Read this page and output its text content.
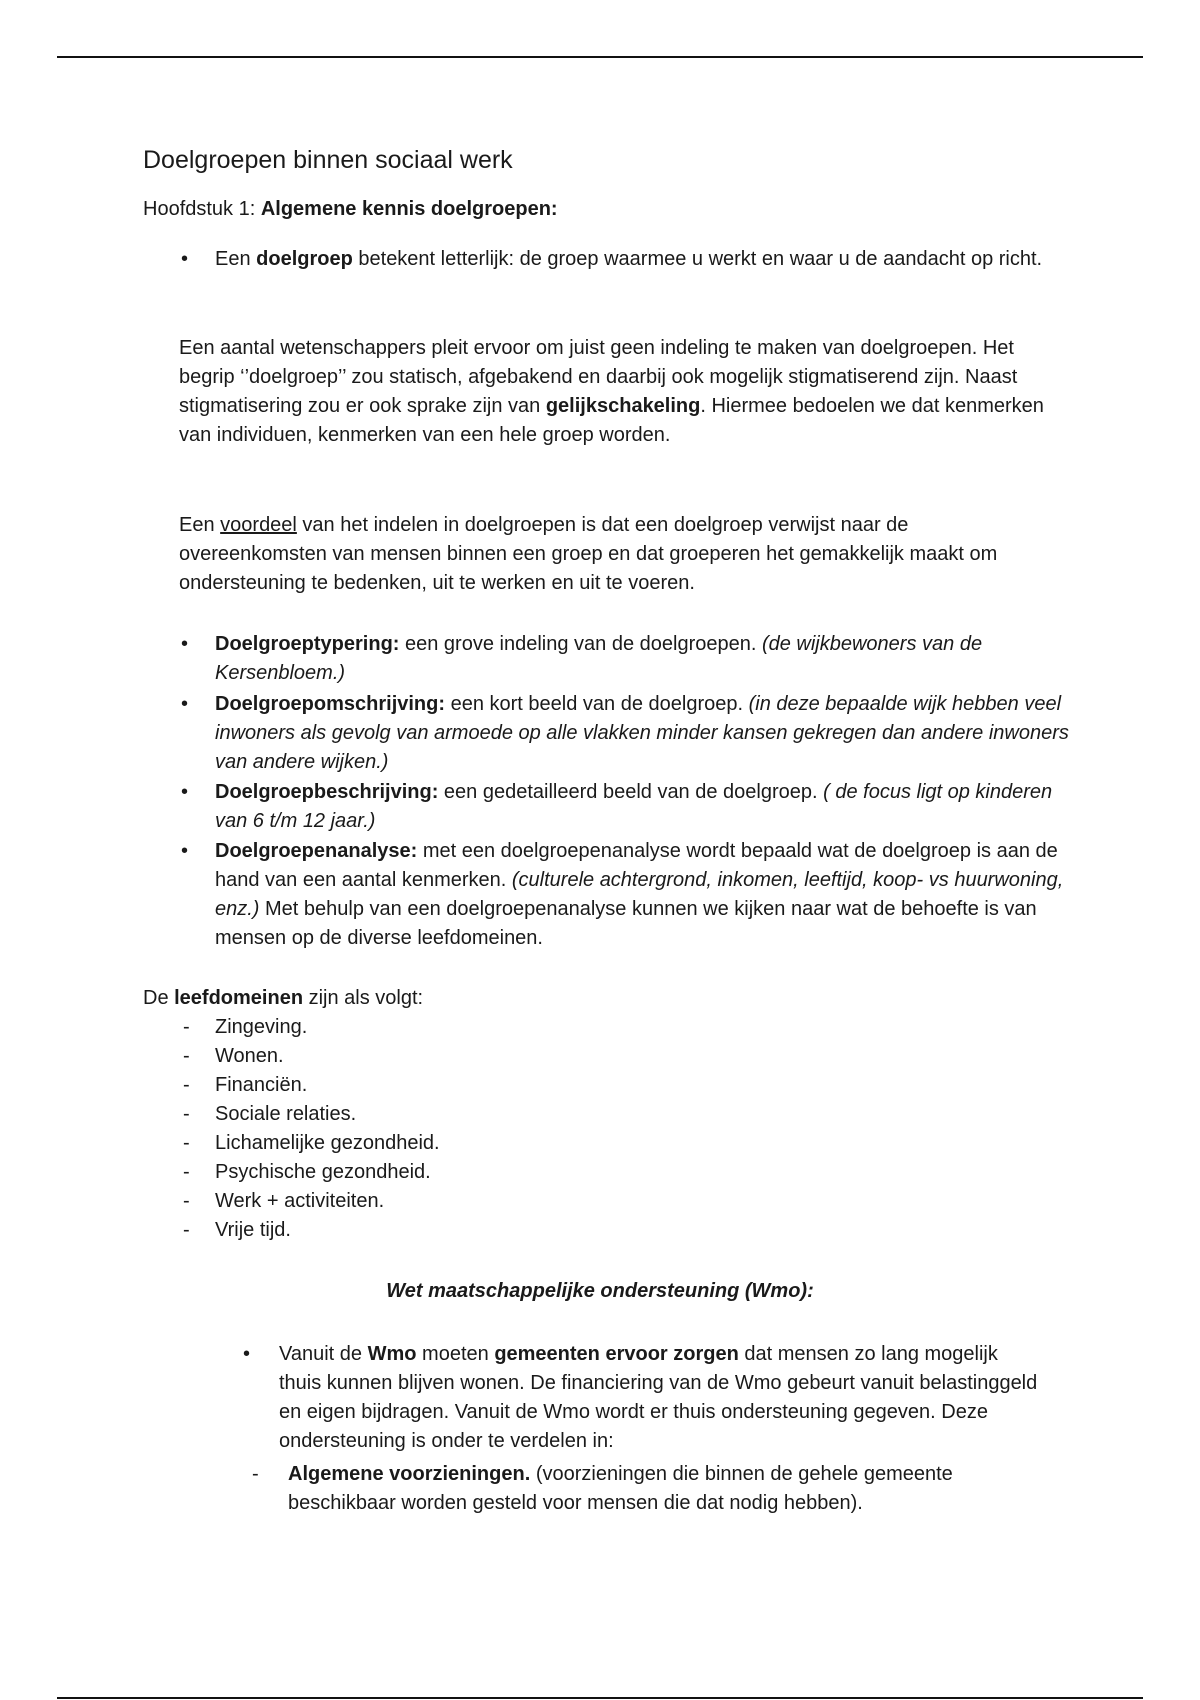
Doelgroepen binnen sociaal werk
Hoofdstuk 1: Algemene kennis doelgroepen:
• Een doelgroep betekent letterlijk: de groep waarmee u werkt en waar u de aandacht op richt.
Een aantal wetenschappers pleit ervoor om juist geen indeling te maken van doelgroepen. Het begrip ‘’doelgroep’’ zou statisch, afgebakend en daarbij ook mogelijk stigmatiserend zijn. Naast stigmatisering zou er ook sprake zijn van gelijkschakeling. Hiermee bedoelen we dat kenmerken van individuen, kenmerken van een hele groep worden.
Een voordeel van het indelen in doelgroepen is dat een doelgroep verwijst naar de overeenkomsten van mensen binnen een groep en dat groeperen het gemakkelijk maakt om ondersteuning te bedenken, uit te werken en uit te voeren.
• Doelgroeptypering: een grove indeling van de doelgroepen. (de wijkbewoners van de Kersenbloem.)
• Doelgroepomschrijving: een kort beeld van de doelgroep. (in deze bepaalde wijk hebben veel inwoners als gevolg van armoede op alle vlakken minder kansen gekregen dan andere inwoners van andere wijken.)
• Doelgroepbeschrijving: een gedetailleerd beeld van de doelgroep. ( de focus ligt op kinderen van 6 t/m 12 jaar.)
• Doelgroepenanalyse: met een doelgroepenanalyse wordt bepaald wat de doelgroep is aan de hand van een aantal kenmerken. (culturele achtergrond, inkomen, leeftijd, koop- vs huurwoning, enz.) Met behulp van een doelgroepenanalyse kunnen we kijken naar wat de behoefte is van mensen op de diverse leefdomeinen.
De leefdomeinen zijn als volgt:
- Zingeving.
- Wonen.
- Financiën.
- Sociale relaties.
- Lichamelijke gezondheid.
- Psychische gezondheid.
- Werk + activiteiten.
- Vrije tijd.
Wet maatschappelijke ondersteuning (Wmo):
• Vanuit de Wmo moeten gemeenten ervoor zorgen dat mensen zo lang mogelijk thuis kunnen blijven wonen. De financiering van de Wmo gebeurt vanuit belastinggeld en eigen bijdragen. Vanuit de Wmo wordt er thuis ondersteuning gegeven. Deze ondersteuning is onder te verdelen in:
- Algemene voorzieningen. (voorzieningen die binnen de gehele gemeente beschikbaar worden gesteld voor mensen die dat nodig hebben).
